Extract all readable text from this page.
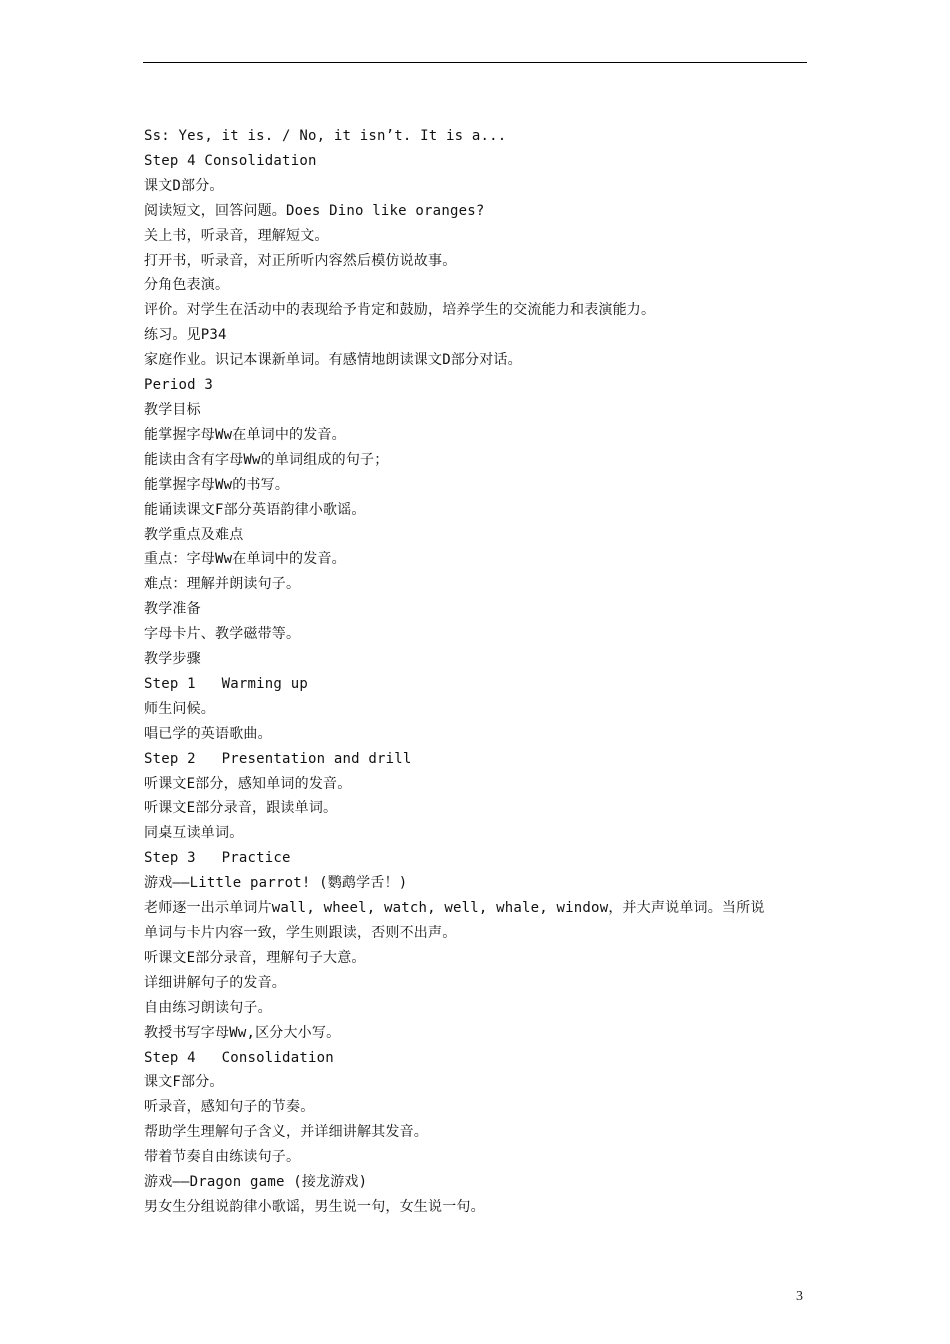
Ss: Yes, it is. / No, it isn’t. It is a...

Step 4 Consolidation

课文D部分。

阅读短文，回答问题。Does Dino like oranges?

关上书，听录音，理解短文。

打开书，听录音，对正所听内容然后模仿说故事。

分角色表演。

评价。对学生在活动中的表现给予肯定和鼓励，培养学生的交流能力和表演能力。

练习。见P34

家庭作业。识记本课新单词。有感情地朗读课文D部分对话。

Period 3

教学目标

能掌握字母Ww在单词中的发音。

能读由含有字母Ww的单词组成的句子；

能掌握字母Ww的书写。

能诵读课文F部分英语韵律小歌谣。

教学重点及难点

重点：字母Ww在单词中的发音。

难点：理解并朗读句子。

教学准备

字母卡片、教学磁带等。

教学步骤

Step 1   Warming up

师生问候。

唱已学的英语歌曲。

Step 2   Presentation and drill

听课文E部分，感知单词的发音。

听课文E部分录音，跟读单词。

同桌互读单词。

Step 3   Practice

游戏——Little parrot! (鹦鹉学舌！)

老师逐一出示单词片wall, wheel, watch, well, whale, window，并大声说单词。当所说

单词与卡片内容一致，学生则跟读，否则不出声。

听课文E部分录音，理解句子大意。

详细讲解句子的发音。

自由练习朗读句子。

教授书写字母Ww,区分大小写。

Step 4   Consolidation

课文F部分。

听录音，感知句子的节奏。

帮助学生理解句子含义，并详细讲解其发音。

带着节奏自由练读句子。

游戏——Dragon game (接龙游戏)

男女生分组说韵律小歌谣，男生说一句，女生说一句。

3
